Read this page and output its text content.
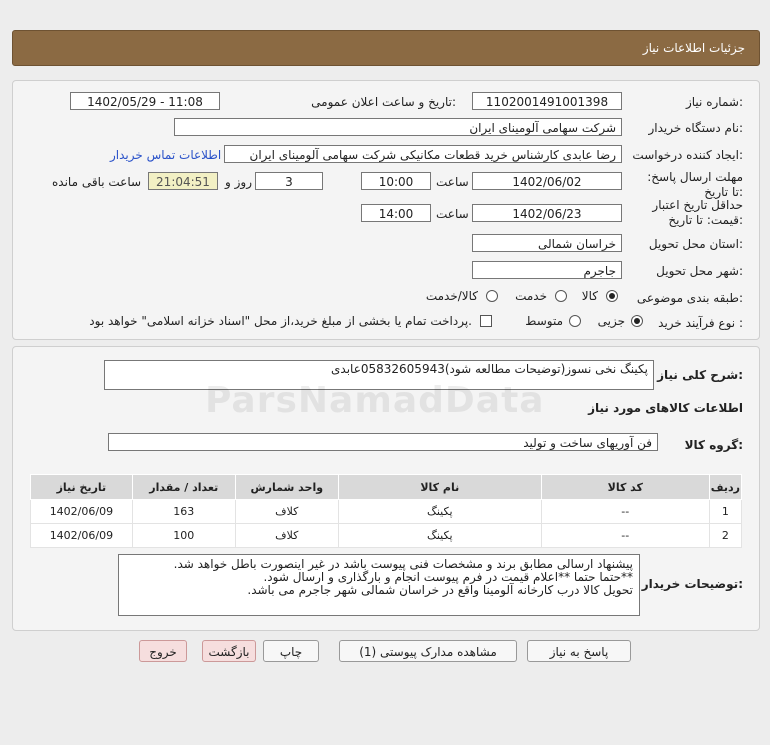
جزئیات اطلاعات نیاز
شماره نیاز:
1102001491001398
تاریخ و ساعت اعلان عمومی:
1402/05/29 - 11:08
نام دستگاه خریدار:
شرکت سهامی آلومینای ایران
ایجاد کننده درخواست:
رضا عابدی کارشناس خرید قطعات مکانیکی شرکت سهامی آلومینای ایران
اطلاعات تماس خریدار
مهلت ارسال پاسخ: تا تاریخ:
1402/06/02
ساعت
10:00
3
روز و
21:04:51
ساعت باقی مانده
حداقل تاریخ اعتبار قیمت: تا تاریخ:
1402/06/23
ساعت
14:00
استان محل تحویل:
خراسان شمالی
شهر محل تحویل:
جاجرم
طبقه بندی موضوعی:
کالا
خدمت
کالا/خدمت
نوع فرآیند خرید :
جزیی
متوسط
پرداخت تمام یا بخشی از مبلغ خرید،از محل "اسناد خزانه اسلامی" خواهد بود.
شرح کلی نیاز:
پکینگ نخی نسوز(توضیحات مطالعه شود)05832605943عابدی
اطلاعات کالاهای مورد نیاز
گروه کالا:
فن آوریهای ساخت و تولید
ردیف	کد کالا	نام کالا	واحد شمارش	تعداد / مقدار	تاریخ نیاز
1	--	پکینگ	کلاف	163	1402/06/09
2	--	پکینگ	کلاف	100	1402/06/09
توضیحات خریدار:
پیشنهاد ارسالی مطابق برند و مشخصات فنی پیوست باشد در غیر اینصورت باطل خواهد شد.
**حتما حتما **اعلام قیمت در فرم پیوست انجام و بارگذاری و ارسال شود.
تحویل کالا درب کارخانه آلومینا واقع در خراسان شمالی شهر جاجرم می باشد.
پاسخ به نیاز
مشاهده مدارک پیوستی (1)
چاپ
بازگشت
خروج
